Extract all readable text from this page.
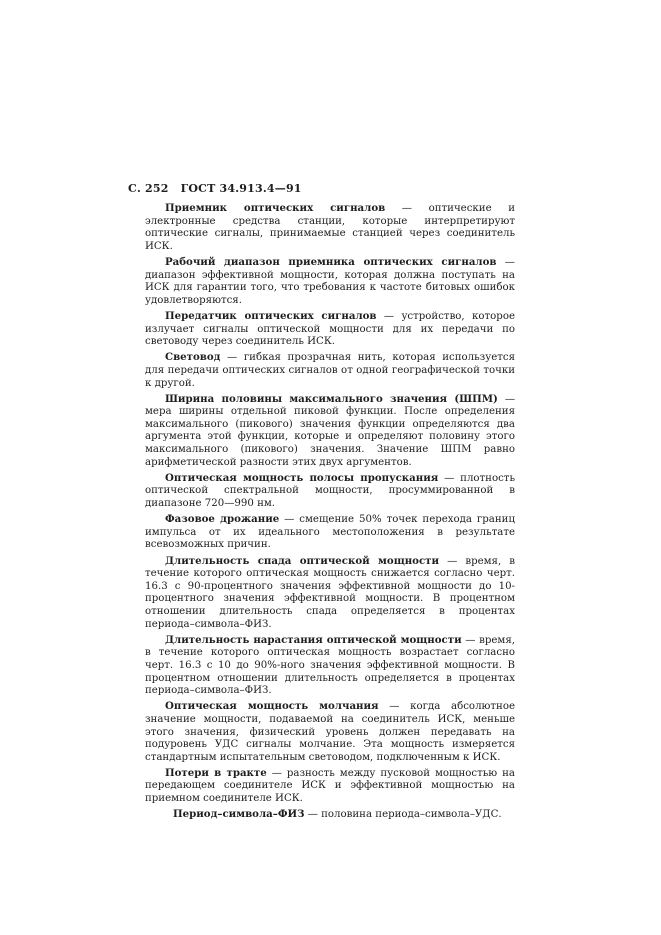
С. 252 ГОСТ 34.913.4—91

Приемник оптических сигналов — оптические и электронные средства станции, которые интерпретируют оптические сигналы, принимаемые станцией через соединитель ИСК.

Рабочий диапазон приемника оптических сигналов — диапазон эффективной мощности, которая должна поступать на ИСК для гарантии того, что требования к частоте битовых ошибок удовлетворяются.

Передатчик оптических сигналов — устройство, которое излучает сигналы оптической мощности для их передачи по световоду через соединитель ИСК.

Световод — гибкая прозрачная нить, которая используется для передачи оптических сигналов от одной географической точки к другой.

Ширина половины максимального значения (ШПМ) — мера ширины отдельной пиковой функции. После определения максимального (пикового) значения функции определяются два аргумента этой функции, которые и определяют половину этого максимального (пикового) значения. Значение ШПМ равно арифметической разности этих двух аргументов.

Оптическая мощность полосы пропускания — плотность оптической спектральной мощности, просуммированной в диапазоне 720—990 нм.

Фазовое дрожание — смещение 50% точек перехода границ импульса от их идеального местоположения в результате всевозможных причин.

Длительность спада оптической мощности — время, в течение которого оптическая мощность снижается согласно черт. 16.3 с 90-процентного значения эффективной мощности до 10-процентного значения эффективной мощности. В процентном отношении длительность спада определяется в процентах периода–символа–ФИЗ.

Длительность нарастания оптической мощности — время, в течение которого оптическая мощность возрастает согласно черт. 16.3 с 10 до 90%-ного значения эффективной мощности. В процентном отношении длительность определяется в процентах периода–символа–ФИЗ.

Оптическая мощность молчания — когда абсолютное значение мощности, подаваемой на соединитель ИСК, меньше этого значения, физический уровень должен передавать на подуровень УДС сигналы молчание. Эта мощность измеряется стандартным испытательным световодом, подключенным к ИСК.

Потери в тракте — разность между пусковой мощностью на передающем соединителе ИСК и эффективной мощностью на приемном соединителе ИСК.

Период–символа–ФИЗ — половина периода–символа–УДС.
